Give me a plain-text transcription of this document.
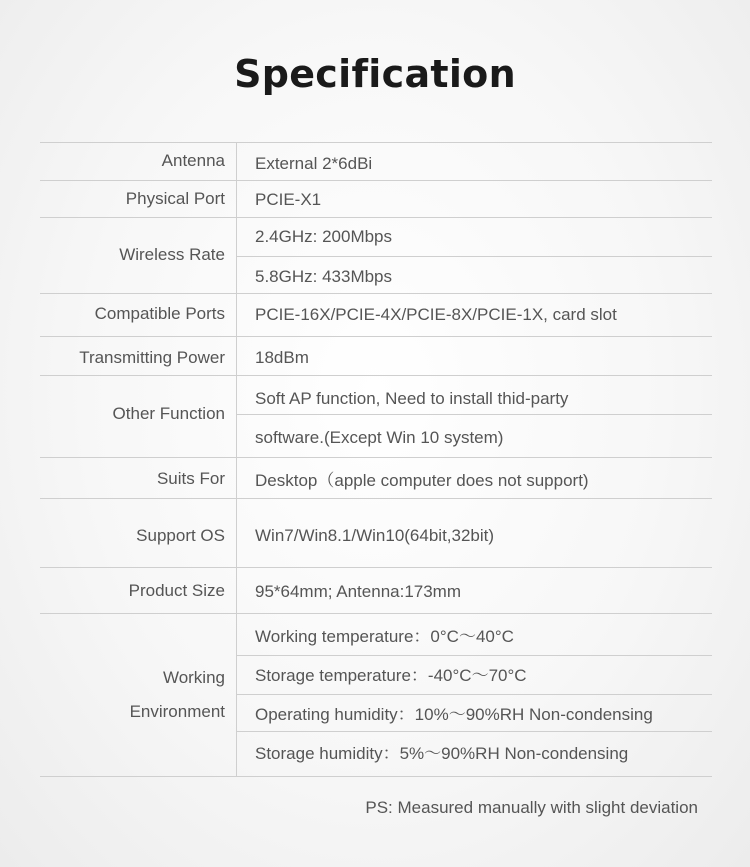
Specification
Antenna
Physical Port
Wireless Rate
Compatible Ports
Transmitting Power
Other Function
Suits For
Support OS
Product Size
Working
Environment
External 2*6dBi
PCIE-X1
2.4GHz: 200Mbps
5.8GHz: 433Mbps
PCIE-16X/PCIE-4X/PCIE-8X/PCIE-1X, card slot
18dBm
Soft AP function, Need to install thid-party
software.(Except Win 10 system)
Desktop（apple computer does not support)
Win7/Win8.1/Win10(64bit,32bit)
95*64mm; Antenna:173mm
Working temperature：0°C～40°C
Storage temperature：-40°C～70°C
Operating humidity：10%～90%RH Non-condensing
Storage humidity：5%～90%RH Non-condensing
PS: Measured manually with slight deviation
